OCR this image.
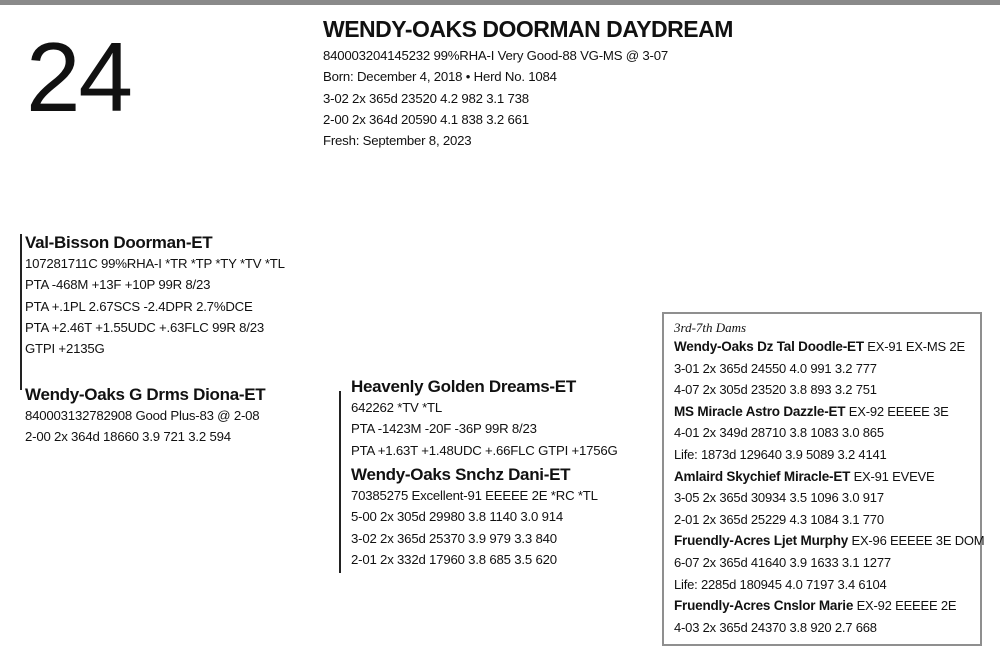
24	WENDY-OAKS DOORMAN DAYDREAM
840003204145232 99%RHA-I Very Good-88 VG-MS @ 3-07
Born: December 4, 2018 • Herd No. 1084
3-02 2x 365d 23520 4.2 982 3.1 738
2-00 2x 364d 20590 4.1 838 3.2 661
Fresh: September 8, 2023
Val-Bisson Doorman-ET
107281711C 99%RHA-I *TR *TP *TY *TV *TL
PTA -468M +13F +10P 99R 8/23
PTA +.1PL 2.67SCS -2.4DPR 2.7%DCE
PTA +2.46T +1.55UDC +.63FLC 99R 8/23
GTPI +2135G
Wendy-Oaks G Drms Diona-ET
840003132782908 Good Plus-83 @ 2-08
2-00 2x 364d 18660 3.9 721 3.2 594
Heavenly Golden Dreams-ET
642262 *TV *TL
PTA -1423M -20F -36P 99R 8/23
PTA +1.63T +1.48UDC +.66FLC GTPI +1756G
Wendy-Oaks Snchz Dani-ET
70385275 Excellent-91 EEEEE 2E *RC *TL
5-00 2x 305d 29980 3.8 1140 3.0 914
3-02 2x 365d 25370 3.9 979 3.3 840
2-01 2x 332d 17960 3.8 685 3.5 620
3rd-7th Dams
Wendy-Oaks Dz Tal Doodle-ET EX-91 EX-MS 2E
3-01 2x 365d 24550 4.0 991 3.2 777
4-07 2x 305d 23520 3.8 893 3.2 751
MS Miracle Astro Dazzle-ET EX-92 EEEEE 3E
4-01 2x 349d 28710 3.8 1083 3.0 865
Life: 1873d 129640 3.9 5089 3.2 4141
Amlaird Skychief Miracle-ET EX-91 EVEVE
3-05 2x 365d 30934 3.5 1096 3.0 917
2-01 2x 365d 25229 4.3 1084 3.1 770
Fruendly-Acres Ljet Murphy EX-96 EEEEE 3E DOM
6-07 2x 365d 41640 3.9 1633 3.1 1277
Life: 2285d 180945 4.0 7197 3.4 6104
Fruendly-Acres Cnslor Marie EX-92 EEEEE 2E
4-03 2x 365d 24370 3.8 920 2.7 668
